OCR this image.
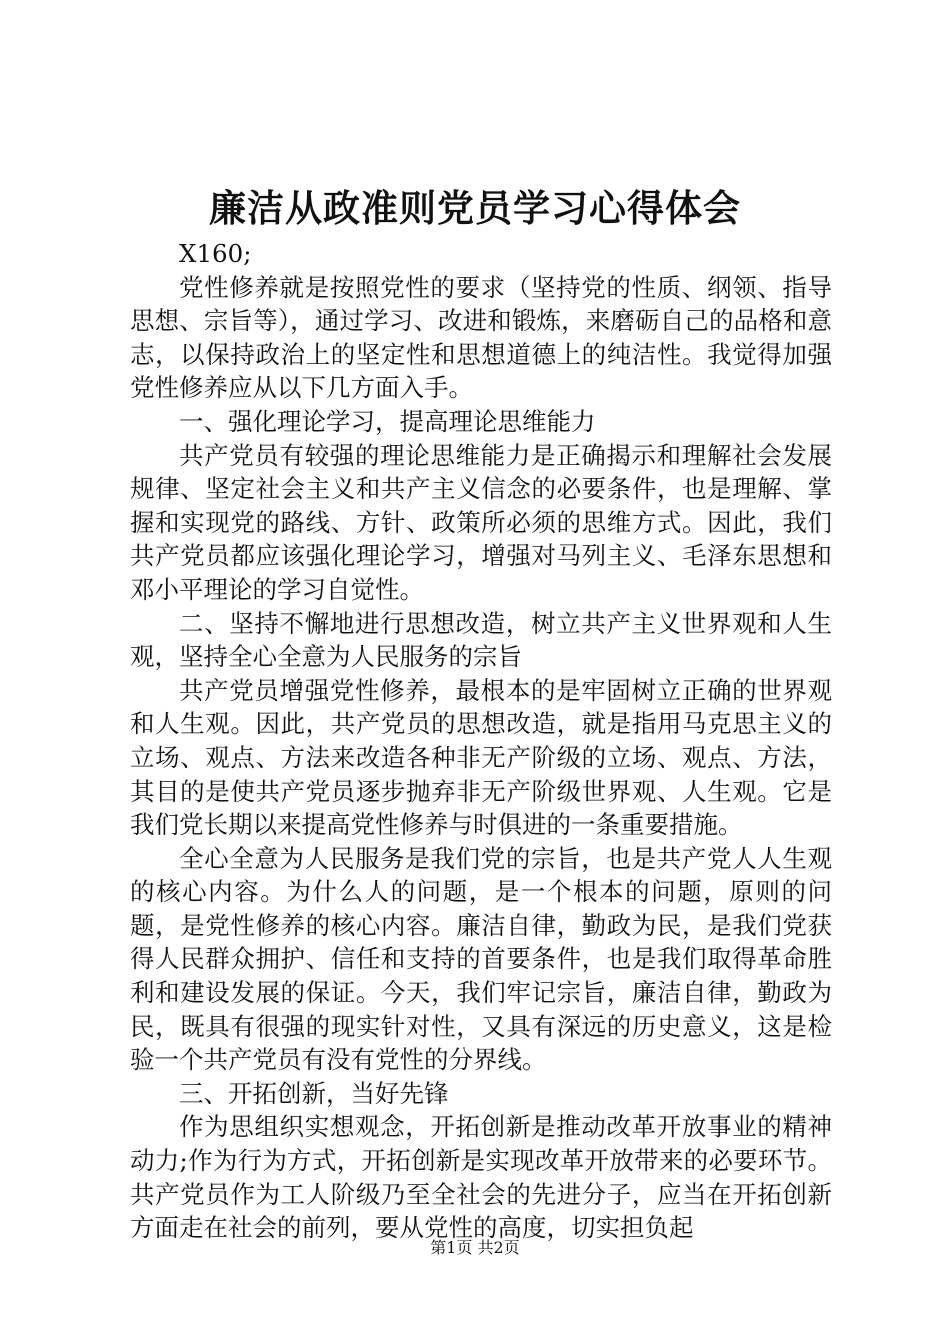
廉洁从政准则党员学习心得体会

X160;

党性修养就是按照党性的要求（坚持党的性质、纲领、指导思想、宗旨等），通过学习、改进和锻炼，来磨砺自己的品格和意志，以保持政治上的坚定性和思想道德上的纯洁性。我觉得加强党性修养应从以下几方面入手。

一、强化理论学习，提高理论思维能力

共产党员有较强的理论思维能力是正确揭示和理解社会发展规律、坚定社会主义和共产主义信念的必要条件，也是理解、掌握和实现党的路线、方针、政策所必须的思维方式。因此，我们共产党员都应该强化理论学习，增强对马列主义、毛泽东思想和邓小平理论的学习自觉性。

二、坚持不懈地进行思想改造，树立共产主义世界观和人生观，坚持全心全意为人民服务的宗旨

共产党员增强党性修养，最根本的是牢固树立正确的世界观和人生观。因此，共产党员的思想改造，就是指用马克思主义的立场、观点、方法来改造各种非无产阶级的立场、观点、方法，其目的是使共产党员逐步抛弃非无产阶级世界观、人生观。它是我们党长期以来提高党性修养与时俱进的一条重要措施。

全心全意为人民服务是我们党的宗旨，也是共产党人人生观的核心内容。为什么人的问题，是一个根本的问题，原则的问题，是党性修养的核心内容。廉洁自律，勤政为民，是我们党获得人民群众拥护、信任和支持的首要条件，也是我们取得革命胜利和建设发展的保证。今天，我们牢记宗旨，廉洁自律，勤政为民，既具有很强的现实针对性，又具有深远的历史意义，这是检验一个共产党员有没有党性的分界线。

三、开拓创新，当好先锋

作为思组织实想观念，开拓创新是推动改革开放事业的精神动力;作为行为方式，开拓创新是实现改革开放带来的必要环节。共产党员作为工人阶级乃至全社会的先进分子，应当在开拓创新方面走在社会的前列，要从党性的高度，切实担负起

第1页 共2页
